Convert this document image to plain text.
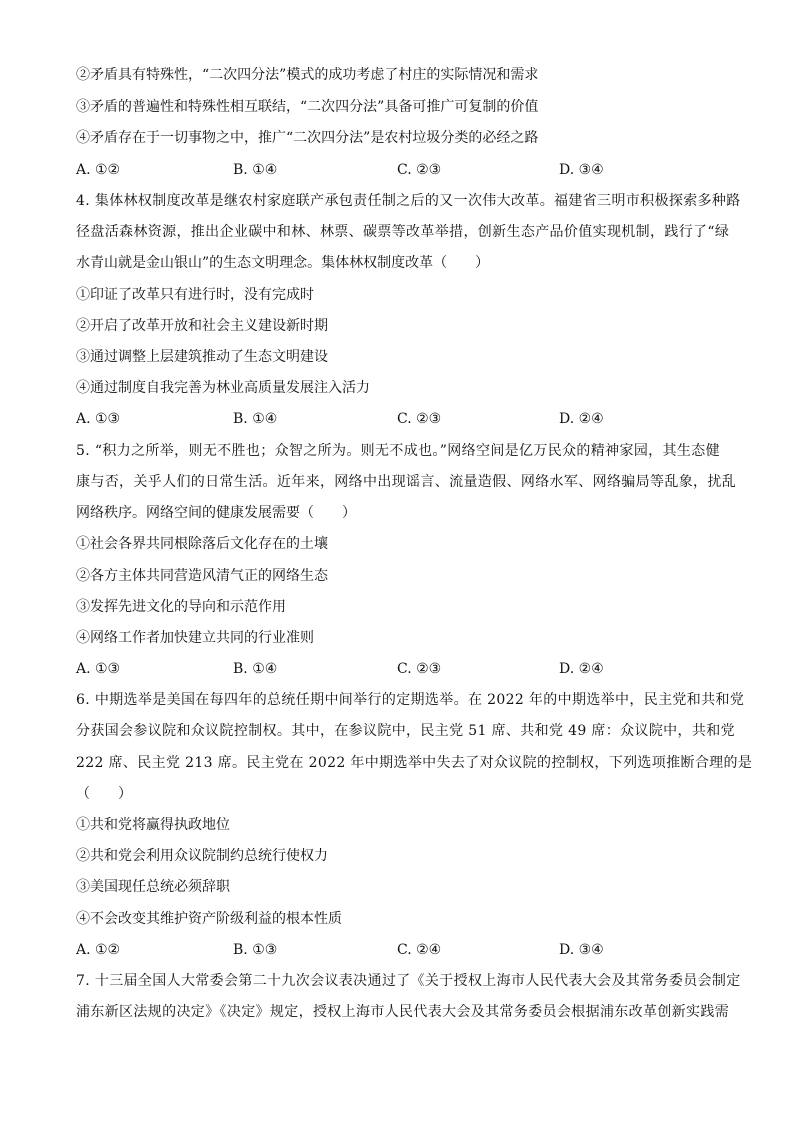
②矛盾具有特殊性，“二次四分法”模式的成功考虑了村庄的实际情况和需求
③矛盾的普遍性和特殊性相互联结，“二次四分法”具备可推广可复制的价值
④矛盾存在于一切事物之中，推广“二次四分法”是农村垃圾分类的必经之路
A. ①②	B. ①④	C. ②③	D. ③④
4. 集体林权制度改革是继农村家庭联产承包责任制之后的又一次伟大改革。福建省三明市积极探索多种路
径盘活森林资源，推出企业碳中和林、林票、碳票等改革举措，创新生态产品价值实现机制，践行了“绿
水青山就是金山银山”的生态文明理念。集体林权制度改革（　　）
①印证了改革只有进行时，没有完成时
②开启了改革开放和社会主义建设新时期
③通过调整上层建筑推动了生态文明建设
④通过制度自我完善为林业高质量发展注入活力
A. ①③	B. ①④	C. ②③	D. ②④
5. “积力之所举，则无不胜也；众智之所为。则无不成也。”网络空间是亿万民众的精神家园，其生态健
康与否，关乎人们的日常生活。近年来，网络中出现谣言、流量造假、网络水军、网络骗局等乱象，扰乱
网络秩序。网络空间的健康发展需要（　　）
①社会各界共同根除落后文化存在的土壤
②各方主体共同营造风清气正的网络生态
③发挥先进文化的导向和示范作用
④网络工作者加快建立共同的行业准则
A. ①③	B. ①④	C. ②③	D. ②④
6. 中期选举是美国在每四年的总统任期中间举行的定期选举。在 2022 年的中期选举中，民主党和共和党
分获国会参议院和众议院控制权。其中，在参议院中，民主党 51 席、共和党 49 席：众议院中，共和党
222 席、民主党 213 席。民主党在 2022 年中期选举中失去了对众议院的控制权，下列选项推断合理的是
（　　）
①共和党将赢得执政地位
②共和党会利用众议院制约总统行使权力
③美国现任总统必须辞职
④不会改变其维护资产阶级利益的根本性质
A. ①②	B. ①③	C. ②④	D. ③④
7. 十三届全国人大常委会第二十九次会议表决通过了《关于授权上海市人民代表大会及其常务委员会制定
浦东新区法规的决定》《决定》规定，授权上海市人民代表大会及其常务委员会根据浦东改革创新实践需
